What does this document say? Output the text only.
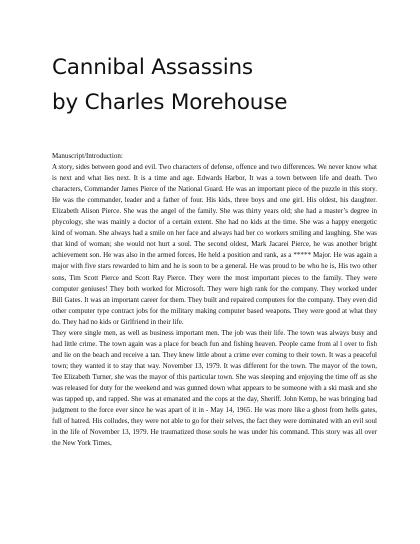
Cannibal Assassins
by Charles Morehouse

Manuscript/Introduction:

A story, sides between good and evil. Two characters of defense, offence and two differences. We never know what is next and what lies next. It is a time and age. Edwards Harbor, It was a town between life and death. Two characters, Commander James Pierce of the National Guard. He was an important piece of the puzzle in this story. He was the commander, leader and a father of four. His kids, three boys and one girl. His oldest, his daughter. Elizabeth Alison Pierce. She was the angel of the family. She was thirty years old; she had a master’s degree in phycology, she was mainly a doctor of a certain extent. She had no kids at the time. She was a happy energetic kind of woman. She always had a smile on her face and always had her co workers smiling and laughing. She was that kind of woman; she would not hurt a soul. The second oldest, Mark Jacarei Pierce, he was another bright achievement son. He was also in the armed forces, He held a position and rank, as a ***** Major. He was again a major with five stars rewarded to him and he is soon to be a general. He was proud to be who he is, His two other sons, Tim Scott Pierce and Scott Ray Pierce. They were the most important pieces to the family. They were computer geniuses! They both worked for Microsoft. They were high rank for the company. They worked under Bill Gates. It was an important career for them. They built and repaired computers for the company. They even did other computer type contract jobs for the military making computer based weapons. They were good at what they do. They had no kids or Girlfriend in their life.

They were single men, as well as business important men. The job was their life. The town was always busy and had little crime. The town again was a place for beach fun and fishing heaven. People came from al l over to fish and lie on the beach and receive a tan. They knew little about a crime ever coming to their town. It was a peaceful town; they wanted it to stay that way. November 13, 1979. It was different for the town. The mayor of the town, Tee Elizabeth Turner, she was the mayor of this particular town. She was sleeping and enjoying the time off as she was released for duty for the weekend and was gunned down what appears to be someone with a ski mask and she was tapped up, and rapped. She was at emanated and the cops at the day, Sheriff. John Kemp, he was bringing bad judgment to the force ever since he was apart of it in - May 14, 1965. He was more like a ghost from hells gates, full of hatred. His colludes, they were not able to go for their selves, the fact they were dominated with an evil soul in the life of November 13, 1979. He traumatized those souls he was under his command. This story was all over the New York Times,
